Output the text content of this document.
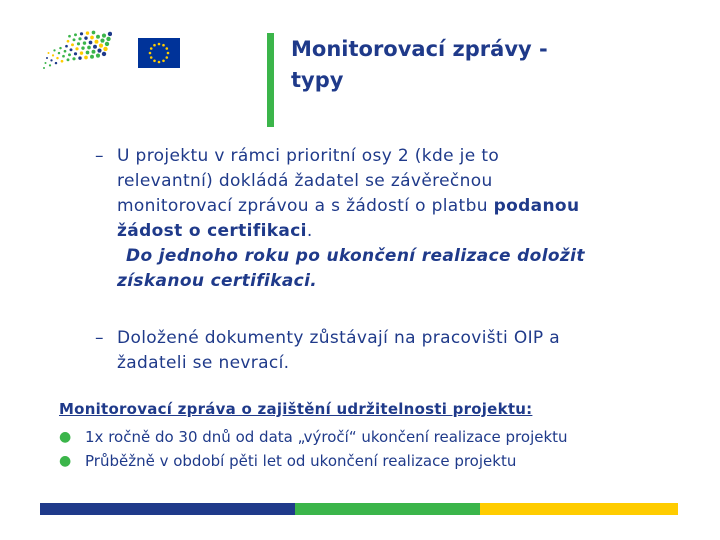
Monitorovací zprávy -
typy
– U projektu v rámci prioritní osy 2 (kde je to
relevantní) dokládá žadatel se závěrečnou
monitorovací zprávou a s žádostí o platbu podanou
žádost o certifikaci.
Do jednoho roku po ukončení realizace doložit
získanou certifikaci.
– Doložené dokumenty zůstávají na pracovišti OIP a
žadateli se nevrací.
Monitorovací zpráva o zajištění udržitelnosti projektu:
● 1x ročně do 30 dnů od data „výročí“ ukončení realizace projektu
● Průběžně v období pěti let od ukončení realizace projektu
